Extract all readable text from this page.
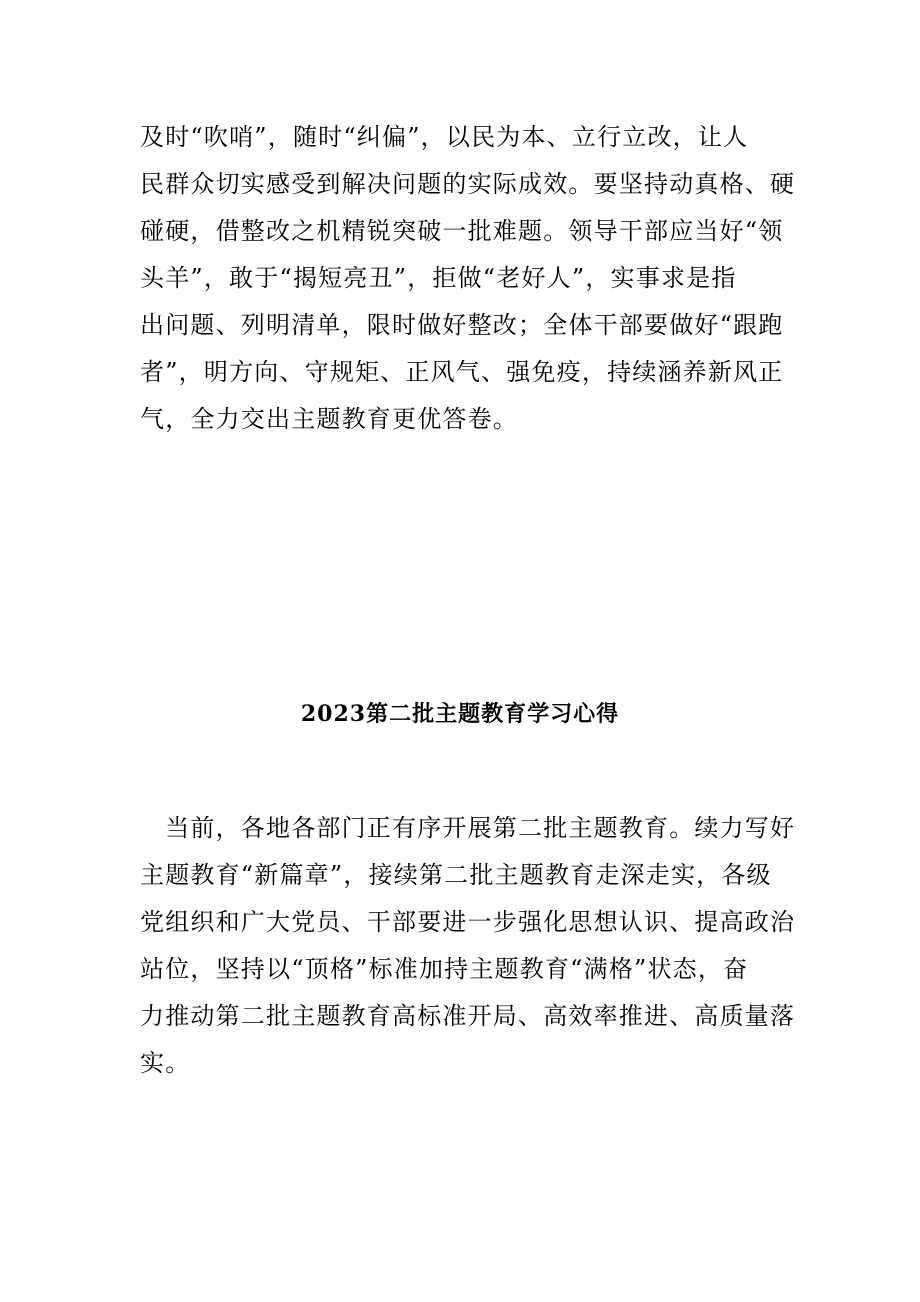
及时“吹哨”，随时“纠偏”，以民为本、立行立改，让人
民群众切实感受到解决问题的实际成效。要坚持动真格、硬
碰硬，借整改之机精锐突破一批难题。领导干部应当好“领
头羊”，敢于“揭短亮丑”，拒做“老好人”，实事求是指
出问题、列明清单，限时做好整改；全体干部要做好“跟跑
者”，明方向、守规矩、正风气、强免疫，持续涵养新风正
气，全力交出主题教育更优答卷。

2023第二批主题教育学习心得

　当前，各地各部门正有序开展第二批主题教育。续力写好
主题教育“新篇章”，接续第二批主题教育走深走实，各级
党组织和广大党员、干部要进一步强化思想认识、提高政治
站位，坚持以“顶格”标准加持主题教育“满格”状态，奋
力推动第二批主题教育高标准开局、高效率推进、高质量落
实。
